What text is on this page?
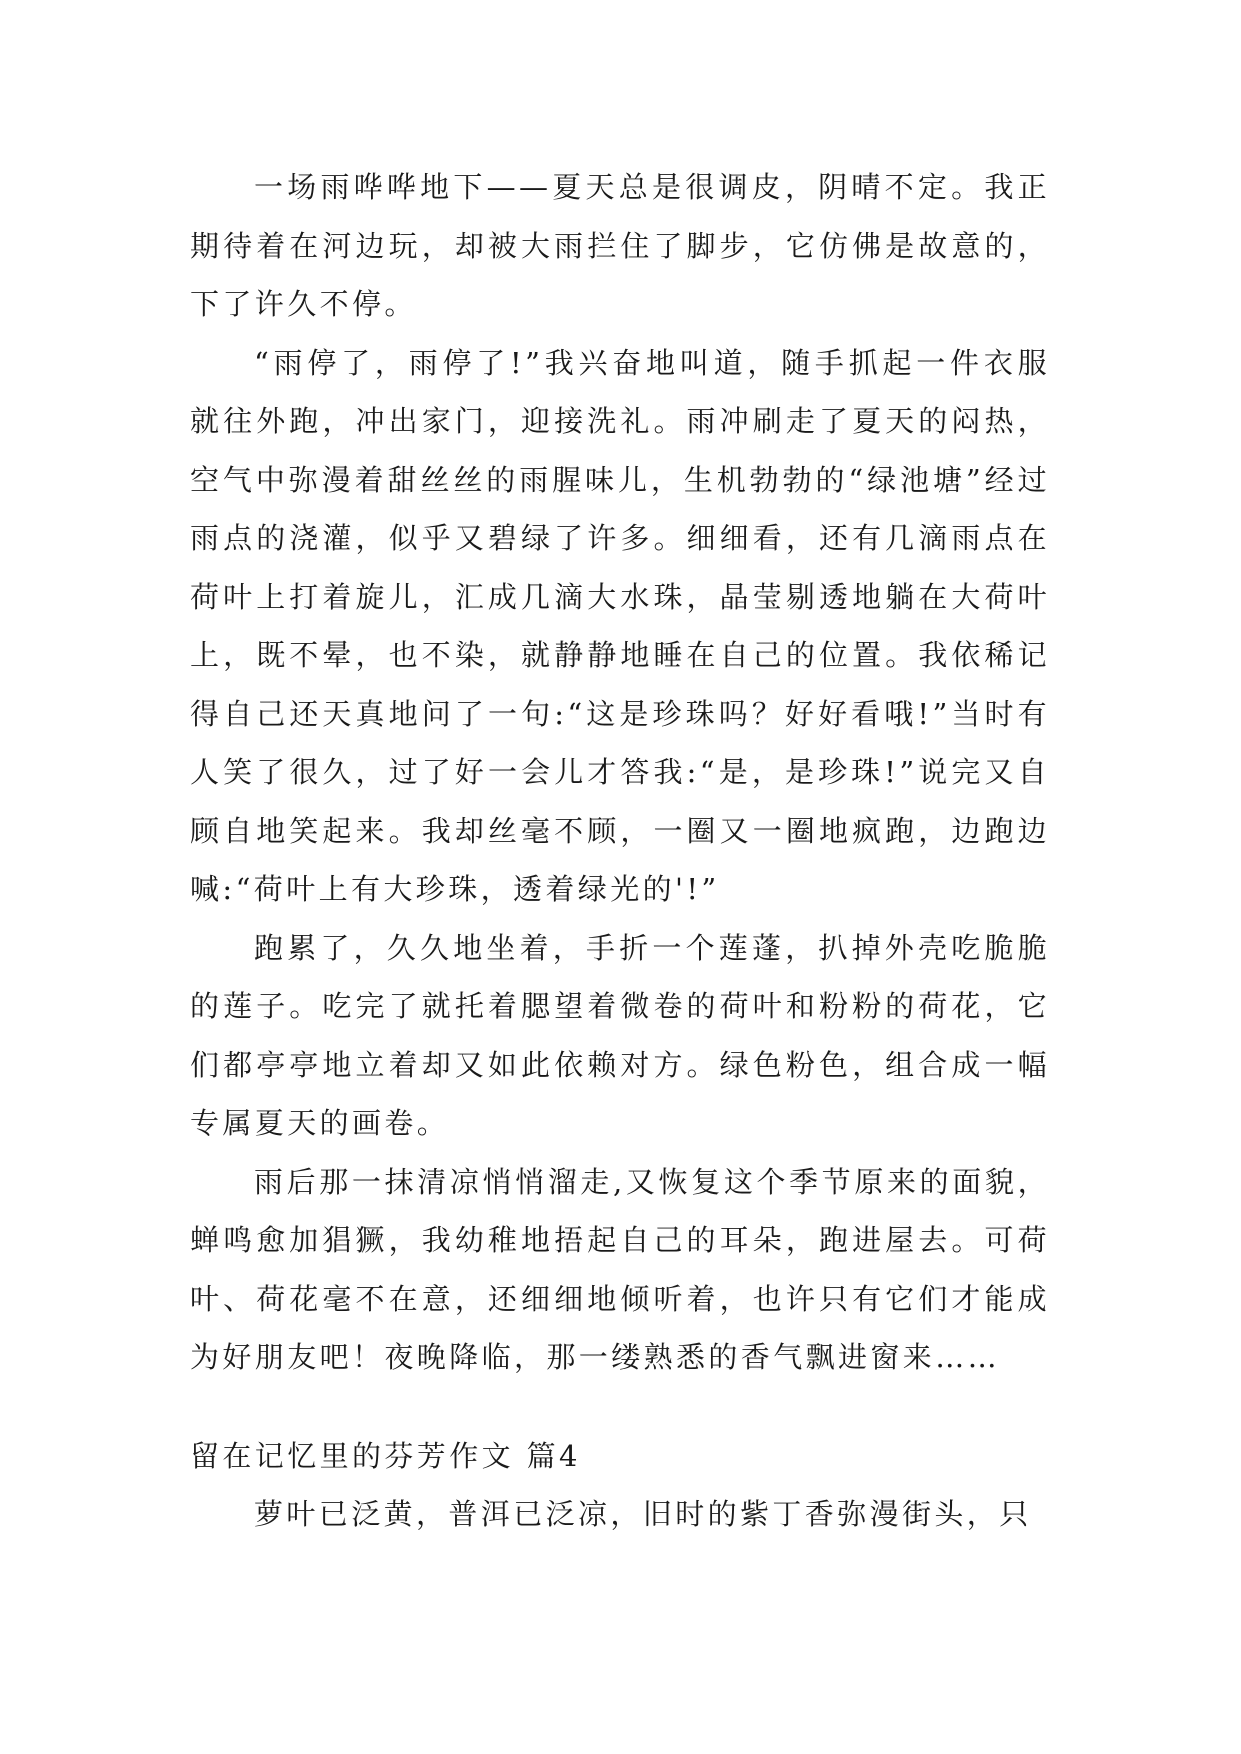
一场雨哗哗地下——夏天总是很调皮，阴晴不定。我正期待着在河边玩，却被大雨拦住了脚步，它仿佛是故意的，下了许久不停。

“雨停了，雨停了!”我兴奋地叫道，随手抓起一件衣服就往外跑，冲出家门，迎接洗礼。雨冲刷走了夏天的闷热，空气中弥漫着甜丝丝的雨腥味儿，生机勃勃的“绿池塘”经过雨点的浇灌，似乎又碧绿了许多。细细看，还有几滴雨点在荷叶上打着旋儿，汇成几滴大水珠，晶莹剔透地躺在大荷叶上，既不晕，也不染，就静静地睡在自己的位置。我依稀记得自己还天真地问了一句:“这是珍珠吗？好好看哦!”当时有人笑了很久，过了好一会儿才答我:“是，是珍珠!”说完又自顾自地笑起来。我却丝毫不顾，一圈又一圈地疯跑，边跑边喊:“荷叶上有大珍珠，透着绿光的'!”

跑累了，久久地坐着，手折一个莲蓬，扒掉外壳吃脆脆的莲子。吃完了就托着腮望着微卷的荷叶和粉粉的荷花，它们都亭亭地立着却又如此依赖对方。绿色粉色，组合成一幅专属夏天的画卷。

雨后那一抹清凉悄悄溜走,又恢复这个季节原来的面貌，蝉鸣愈加猖獗，我幼稚地捂起自己的耳朵，跑进屋去。可荷叶、荷花毫不在意，还细细地倾听着，也许只有它们才能成为好朋友吧！夜晚降临，那一缕熟悉的香气飘进窗来……

留在记忆里的芬芳作文 篇4

萝叶已泛黄，普洱已泛凉，旧时的紫丁香弥漫街头，只
